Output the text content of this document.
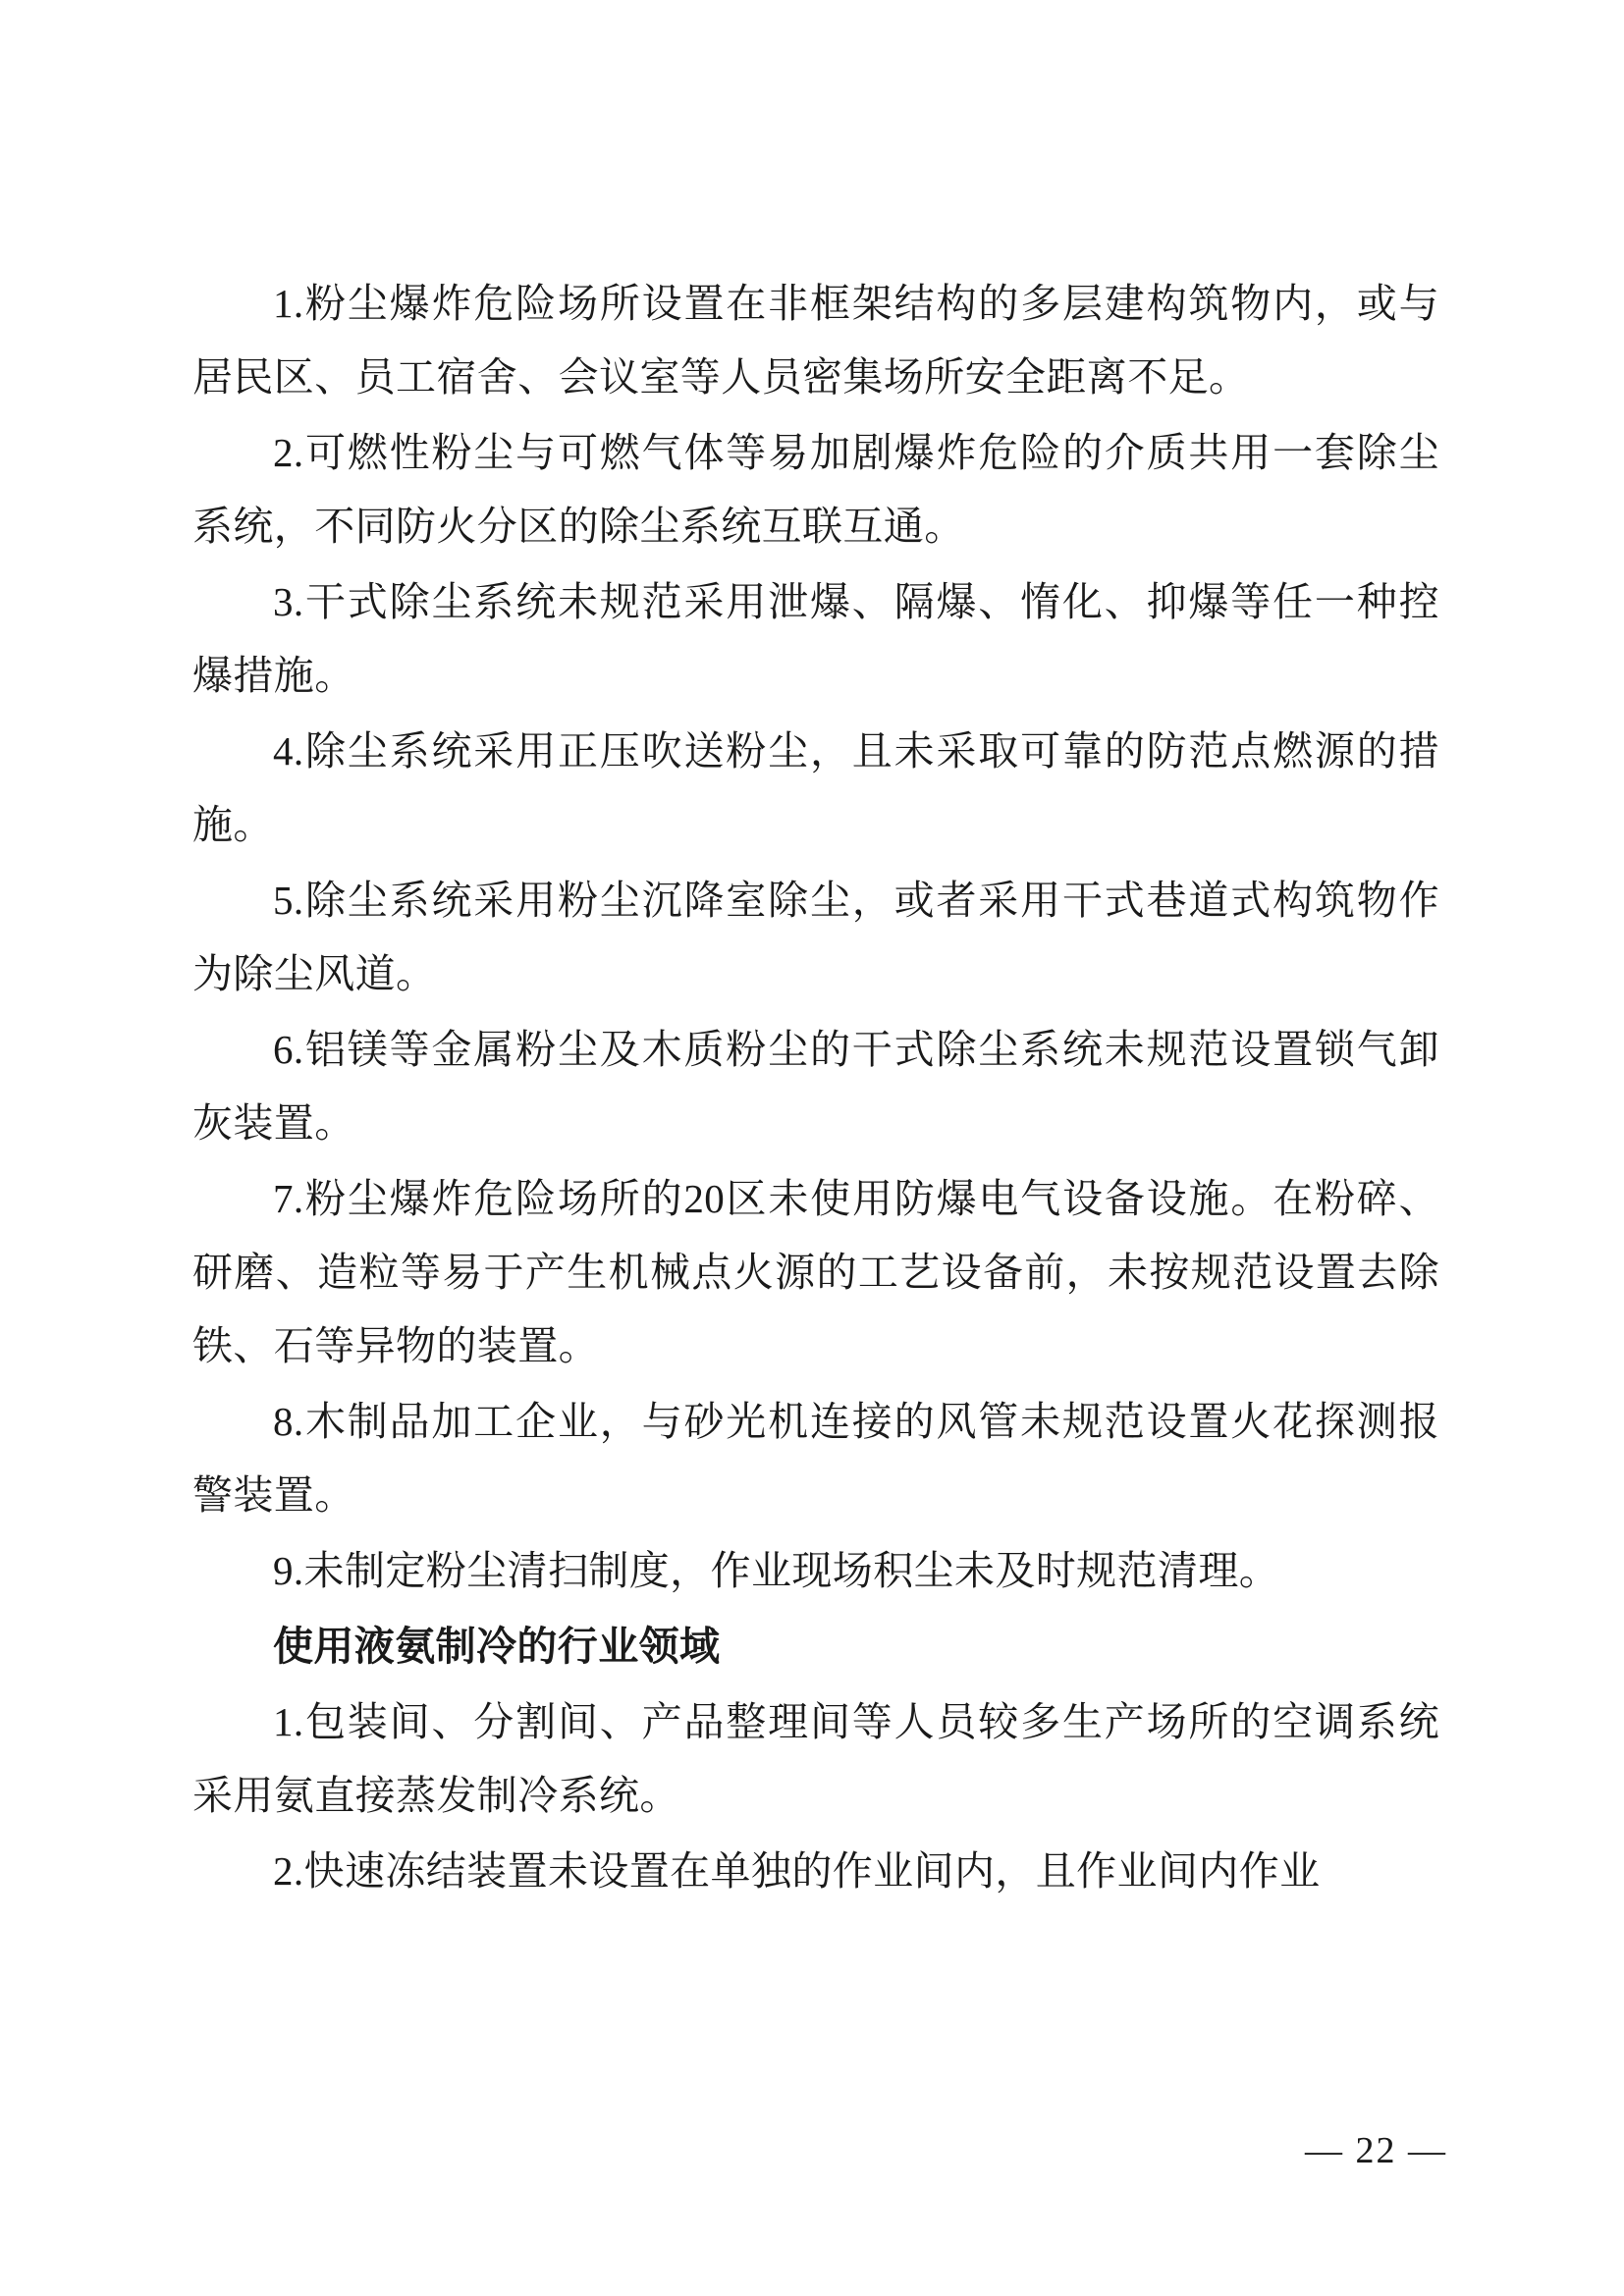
1.粉尘爆炸危险场所设置在非框架结构的多层建构筑物内，或与居民区、员工宿舍、会议室等人员密集场所安全距离不足。

2.可燃性粉尘与可燃气体等易加剧爆炸危险的介质共用一套除尘系统，不同防火分区的除尘系统互联互通。

3.干式除尘系统未规范采用泄爆、隔爆、惰化、抑爆等任一种控爆措施。

4.除尘系统采用正压吹送粉尘，且未采取可靠的防范点燃源的措施。

5.除尘系统采用粉尘沉降室除尘，或者采用干式巷道式构筑物作为除尘风道。

6.铝镁等金属粉尘及木质粉尘的干式除尘系统未规范设置锁气卸灰装置。

7.粉尘爆炸危险场所的20区未使用防爆电气设备设施。在粉碎、研磨、造粒等易于产生机械点火源的工艺设备前，未按规范设置去除铁、石等异物的装置。

8.木制品加工企业，与砂光机连接的风管未规范设置火花探测报警装置。

9.未制定粉尘清扫制度，作业现场积尘未及时规范清理。

使用液氨制冷的行业领域

1.包装间、分割间、产品整理间等人员较多生产场所的空调系统采用氨直接蒸发制冷系统。

2.快速冻结装置未设置在单独的作业间内，且作业间内作业

— 22 —
